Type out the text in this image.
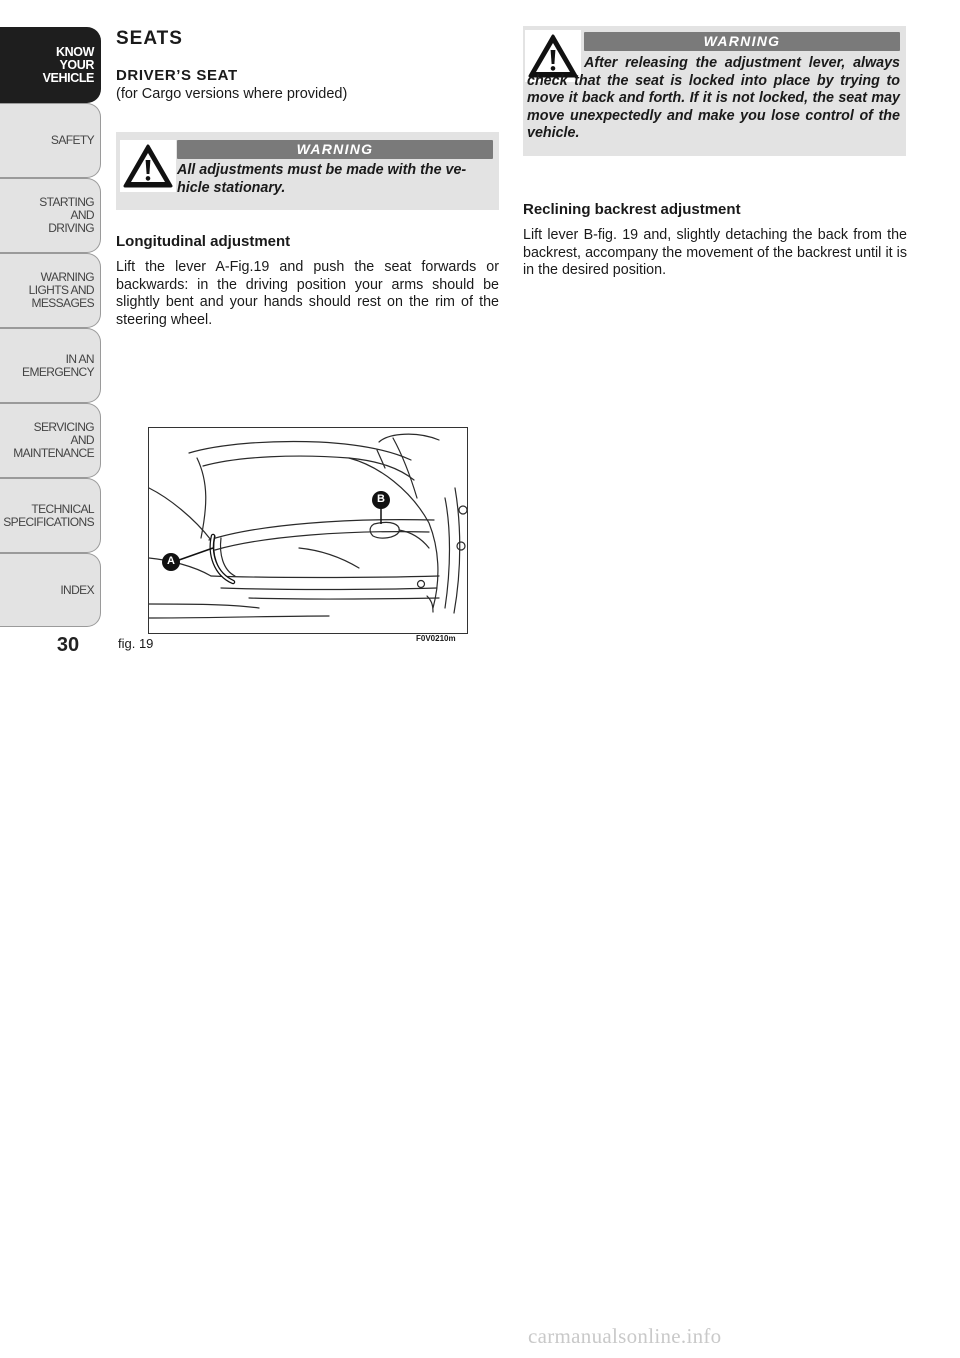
KNOW
YOUR
VEHICLE
SAFETY
STARTING
AND
DRIVING
WARNING
LIGHTS AND
MESSAGES
IN AN
EMERGENCY
SERVICING
AND
MAINTENANCE
TECHNICAL
SPECIFICATIONS
INDEX
30
SEATS
DRIVER’S SEAT
(for Cargo versions where provided)
WARNING

All adjustments must be made with the ve-hicle stationary.

Longitudinal adjustment

Lift the lever A-Fig.19 and push the seat forwards or backwards: in the driving position your arms should be slightly bent and your hands should rest on the rim of the steering wheel.

A
B
fig. 19	F0V0210m
WARNING

After releasing the adjustment lever, always check that the seat is locked into place by trying to move it back and forth. If it is not locked, the seat may move unexpectedly and make you lose control of the vehicle.

Reclining backrest adjustment

Lift lever B-fig. 19 and, slightly detaching the back from the backrest, accompany the movement of the backrest until it is in the desired position.

carmanualsonline.info
